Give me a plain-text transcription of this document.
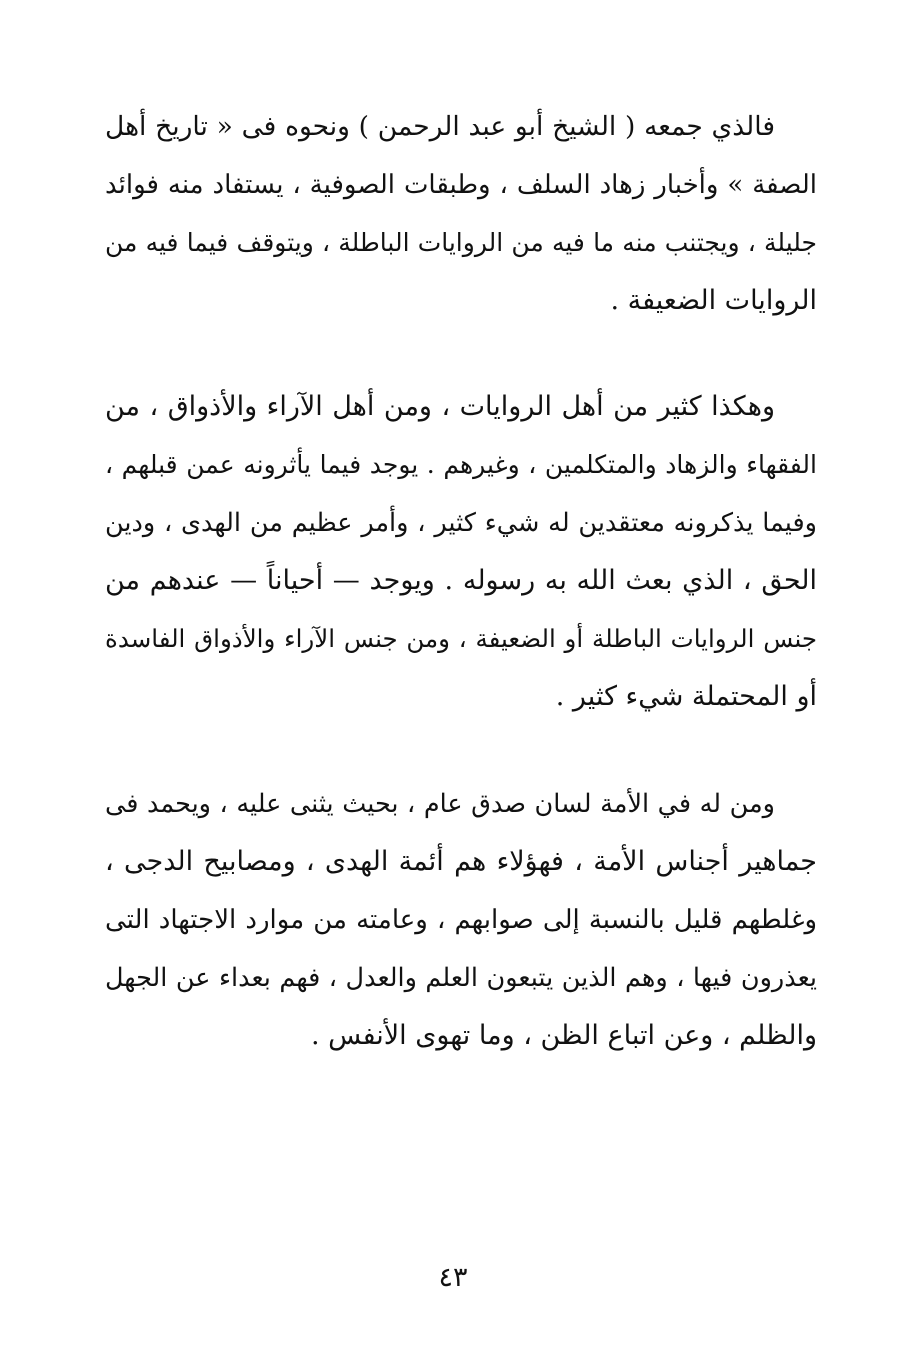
فالذي جمعه ( الشيخ أبو عبد الرحمن ) ونحوه فى « تاريخ أهل
الصفة » وأخبار زهاد السلف ، وطبقات الصوفية ، يستفاد منه فوائد
جليلة ، ويجتنب منه ما فيه من الروايات الباطلة ، ويتوقف فيما فيه من
الروايات الضعيفة .
وهكذا كثير من أهل الروايات ، ومن أهل الآراء والأذواق ، من
الفقهاء والزهاد والمتكلمين ، وغيرهم . يوجد فيما يأثرونه عمن قبلهم ،
وفيما يذكرونه معتقدين له شيء كثير ، وأمر عظيم من الهدى ، ودين
الحق ، الذي بعث الله به رسوله . ويوجد — أحياناً — عندهم من
جنس الروايات الباطلة أو الضعيفة ، ومن جنس الآراء والأذواق الفاسدة
أو المحتملة شيء كثير .
ومن له في الأمة لسان صدق عام ، بحيث يثنى عليه ، ويحمد فى
جماهير أجناس الأمة ، فهؤلاء هم أئمة الهدى ، ومصابيح الدجى ،
وغلطهم قليل بالنسبة إلى صوابهم ، وعامته من موارد الاجتهاد التى
يعذرون فيها ، وهم الذين يتبعون العلم والعدل ، فهم بعداء عن الجهل
والظلم ، وعن اتباع الظن ، وما تهوى الأنفس .
٤٣
